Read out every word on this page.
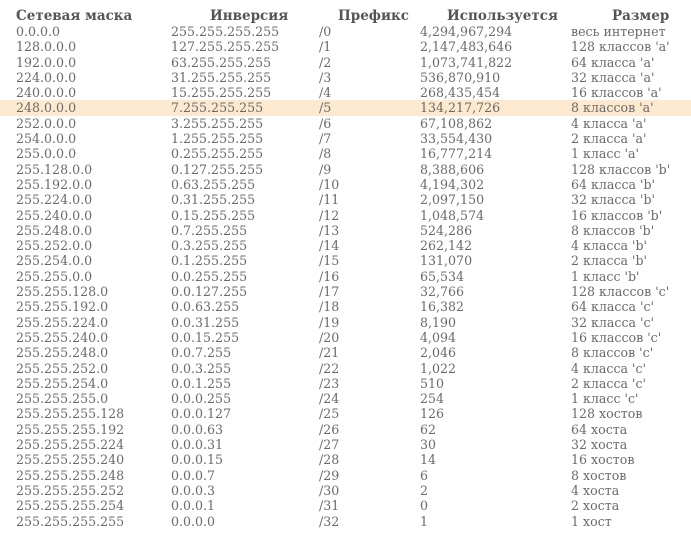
Сетевая маска	Инверсия	Префикс	Используется	Размер
0.0.0.0	255.255.255.255	/0	4,294,967,294	весь интернет
128.0.0.0	127.255.255.255	/1	2,147,483,646	128 классов 'a'
192.0.0.0	63.255.255.255	/2	1,073,741,822	64 класса 'a'
224.0.0.0	31.255.255.255	/3	536,870,910	32 класса 'a'
240.0.0.0	15.255.255.255	/4	268,435,454	16 классов 'a'
248.0.0.0	7.255.255.255	/5	134,217,726	8 классов 'a'
252.0.0.0	3.255.255.255	/6	67,108,862	4 класса 'a'
254.0.0.0	1.255.255.255	/7	33,554,430	2 класса 'a'
255.0.0.0	0.255.255.255	/8	16,777,214	1 класс 'a'
255.128.0.0	0.127.255.255	/9	8,388,606	128 классов 'b'
255.192.0.0	0.63.255.255	/10	4,194,302	64 класса 'b'
255.224.0.0	0.31.255.255	/11	2,097,150	32 класса 'b'
255.240.0.0	0.15.255.255	/12	1,048,574	16 классов 'b'
255.248.0.0	0.7.255.255	/13	524,286	8 классов 'b'
255.252.0.0	0.3.255.255	/14	262,142	4 класса 'b'
255.254.0.0	0.1.255.255	/15	131,070	2 класса 'b'
255.255.0.0	0.0.255.255	/16	65,534	1 класс 'b'
255.255.128.0	0.0.127.255	/17	32,766	128 классов 'c'
255.255.192.0	0.0.63.255	/18	16,382	64 класса 'c'
255.255.224.0	0.0.31.255	/19	8,190	32 класса 'c'
255.255.240.0	0.0.15.255	/20	4,094	16 классов 'c'
255.255.248.0	0.0.7.255	/21	2,046	8 классов 'c'
255.255.252.0	0.0.3.255	/22	1,022	4 класса 'c'
255.255.254.0	0.0.1.255	/23	510	2 класса 'c'
255.255.255.0	0.0.0.255	/24	254	1 класс 'c'
255.255.255.128	0.0.0.127	/25	126	128 хостов
255.255.255.192	0.0.0.63	/26	62	64 хоста
255.255.255.224	0.0.0.31	/27	30	32 хоста
255.255.255.240	0.0.0.15	/28	14	16 хостов
255.255.255.248	0.0.0.7	/29	6	8 хостов
255.255.255.252	0.0.0.3	/30	2	4 хоста
255.255.255.254	0.0.0.1	/31	0	2 хоста
255.255.255.255	0.0.0.0	/32	1	1 хост
